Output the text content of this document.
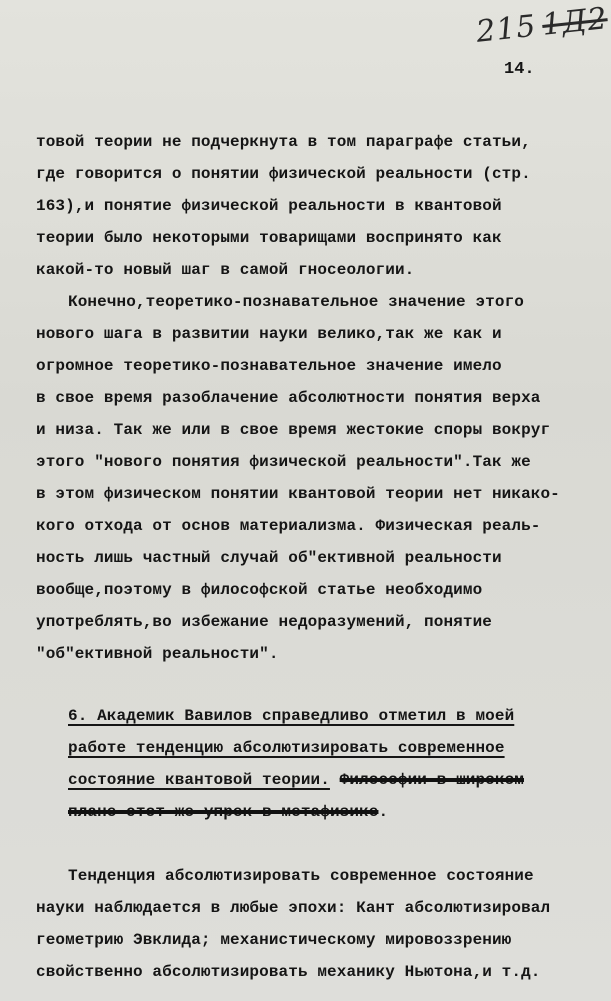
2151Д2
14.
товой теории не подчеркнута в том параграфе статьи,
где говорится о понятии физической реальности (стр.
163),и понятие физической реальности в квантовой
теории было некоторыми товарищами воспринято как
какой-то новый шаг в самой гносеологии.
Конечно,теоретико-познавательное значение этого
нового шага в развитии науки велико,так же как и
огромное теоретико-познавательное значение имело
в свое время разоблачение абсолютности понятия верха
и низа. Так же или в свое время жестокие споры вокруг
этого "нового понятия физической реальности".Так же
в этом физическом понятии квантовой теории нет никако-
кого отхода от основ материализма. Физическая реаль-
ность лишь частный случай об"ективной реальности
вообще,поэтому в философской статье необходимо
употреблять,во избежание недоразумений, понятие
"об"ективной реальности".
6. Академик Вавилов справедливо отметил в моей
работе тенденцию абсолютизировать современное
состояние квантовой теории. Философии в широком
плане этот же упрек в метафизике.
Тенденция абсолютизировать современное состояние
науки наблюдается в любые эпохи: Кант абсолютизировал
геометрию Эвклида; механистическому мировоззрению
свойственно абсолютизировать механику Ньютона,и т.д.
